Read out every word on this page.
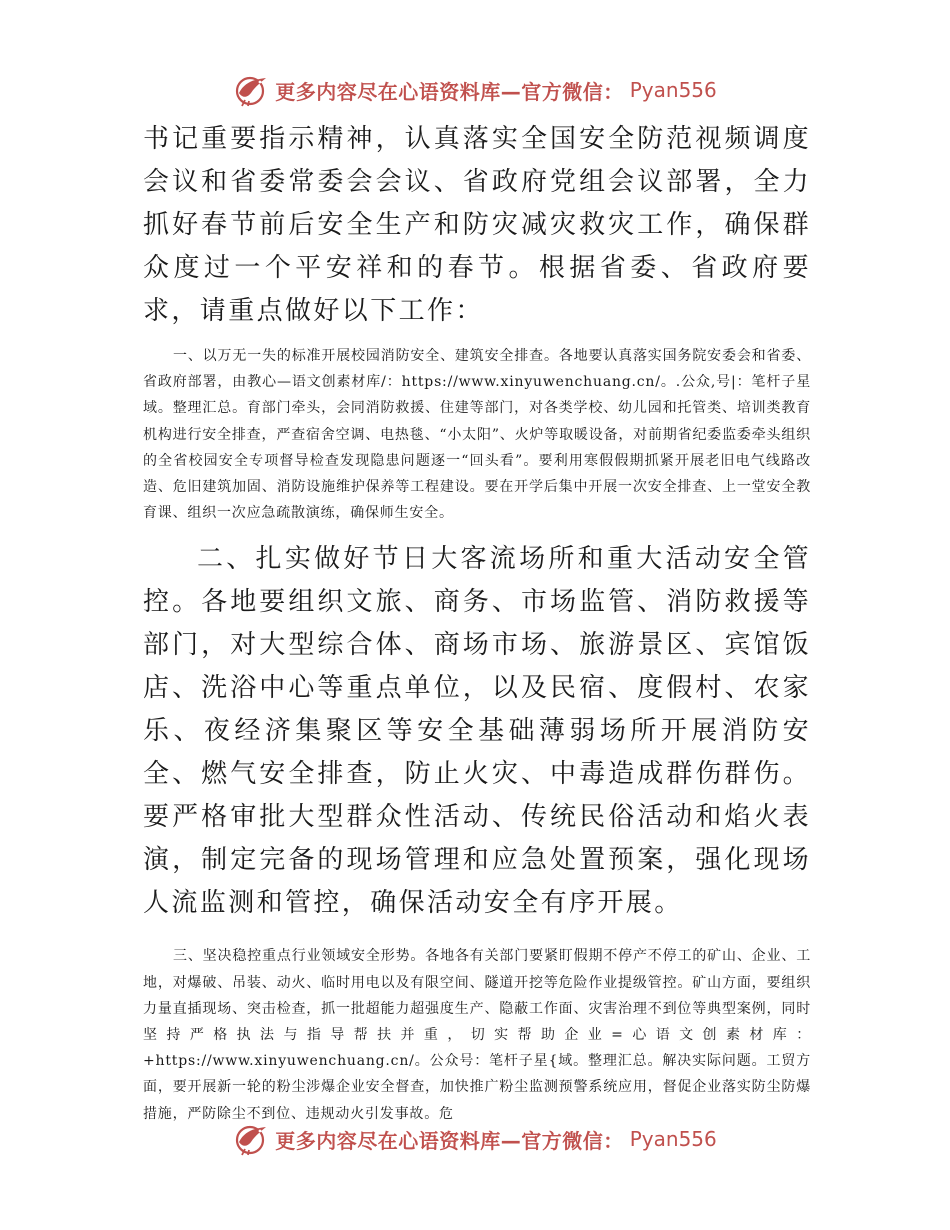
更多内容尽在心语资料库—官方微信： Pyan556

书记重要指示精神，认真落实全国安全防范视频调度会议和省委常委会会议、省政府党组会议部署，全力抓好春节前后安全生产和防灾减灾救灾工作，确保群众度过一个平安祥和的春节。根据省委、省政府要求，请重点做好以下工作：

一、以万无一失的标准开展校园消防安全、建筑安全排查。各地要认真落实国务院安委会和省委、省政府部署，由教心—语文创素材库/：https://www.xinyuwenchuang.cn/。.公众,号|：笔杆子星域。整理汇总。育部门牵头，会同消防救援、住建等部门，对各类学校、幼儿园和托管类、培训类教育机构进行安全排查，严查宿舍空调、电热毯、“小太阳”、火炉等取暖设备，对前期省纪委监委牵头组织的全省校园安全专项督导检查发现隐患问题逐一“回头看”。要利用寒假假期抓紧开展老旧电气线路改造、危旧建筑加固、消防设施维护保养等工程建设。要在开学后集中开展一次安全排查、上一堂安全教育课、组织一次应急疏散演练，确保师生安全。

二、扎实做好节日大客流场所和重大活动安全管控。各地要组织文旅、商务、市场监管、消防救援等部门，对大型综合体、商场市场、旅游景区、宾馆饭店、洗浴中心等重点单位，以及民宿、度假村、农家乐、夜经济集聚区等安全基础薄弱场所开展消防安全、燃气安全排查，防止火灾、中毒造成群伤群伤。要严格审批大型群众性活动、传统民俗活动和焰火表演，制定完备的现场管理和应急处置预案，强化现场人流监测和管控，确保活动安全有序开展。

三、坚决稳控重点行业领域安全形势。各地各有关部门要紧盯假期不停产不停工的矿山、企业、工地，对爆破、吊装、动火、临时用电以及有限空间、隧道开挖等危险作业提级管控。矿山方面，要组织力量直插现场、突击检查，抓一批超能力超强度生产、隐蔽工作面、灾害治理不到位等典型案例，同时坚持严格执法与指导帮扶并重，切实帮助企业=心语文创素材库：+https://www.xinyuwenchuang.cn/。公众号：笔杆子星{域。整理汇总。解决实际问题。工贸方面，要开展新一轮的粉尘涉爆企业安全督查，加快推广粉尘监测预警系统应用，督促企业落实防尘防爆措施，严防除尘不到位、违规动火引发事故。危

更多内容尽在心语资料库—官方微信： Pyan556
